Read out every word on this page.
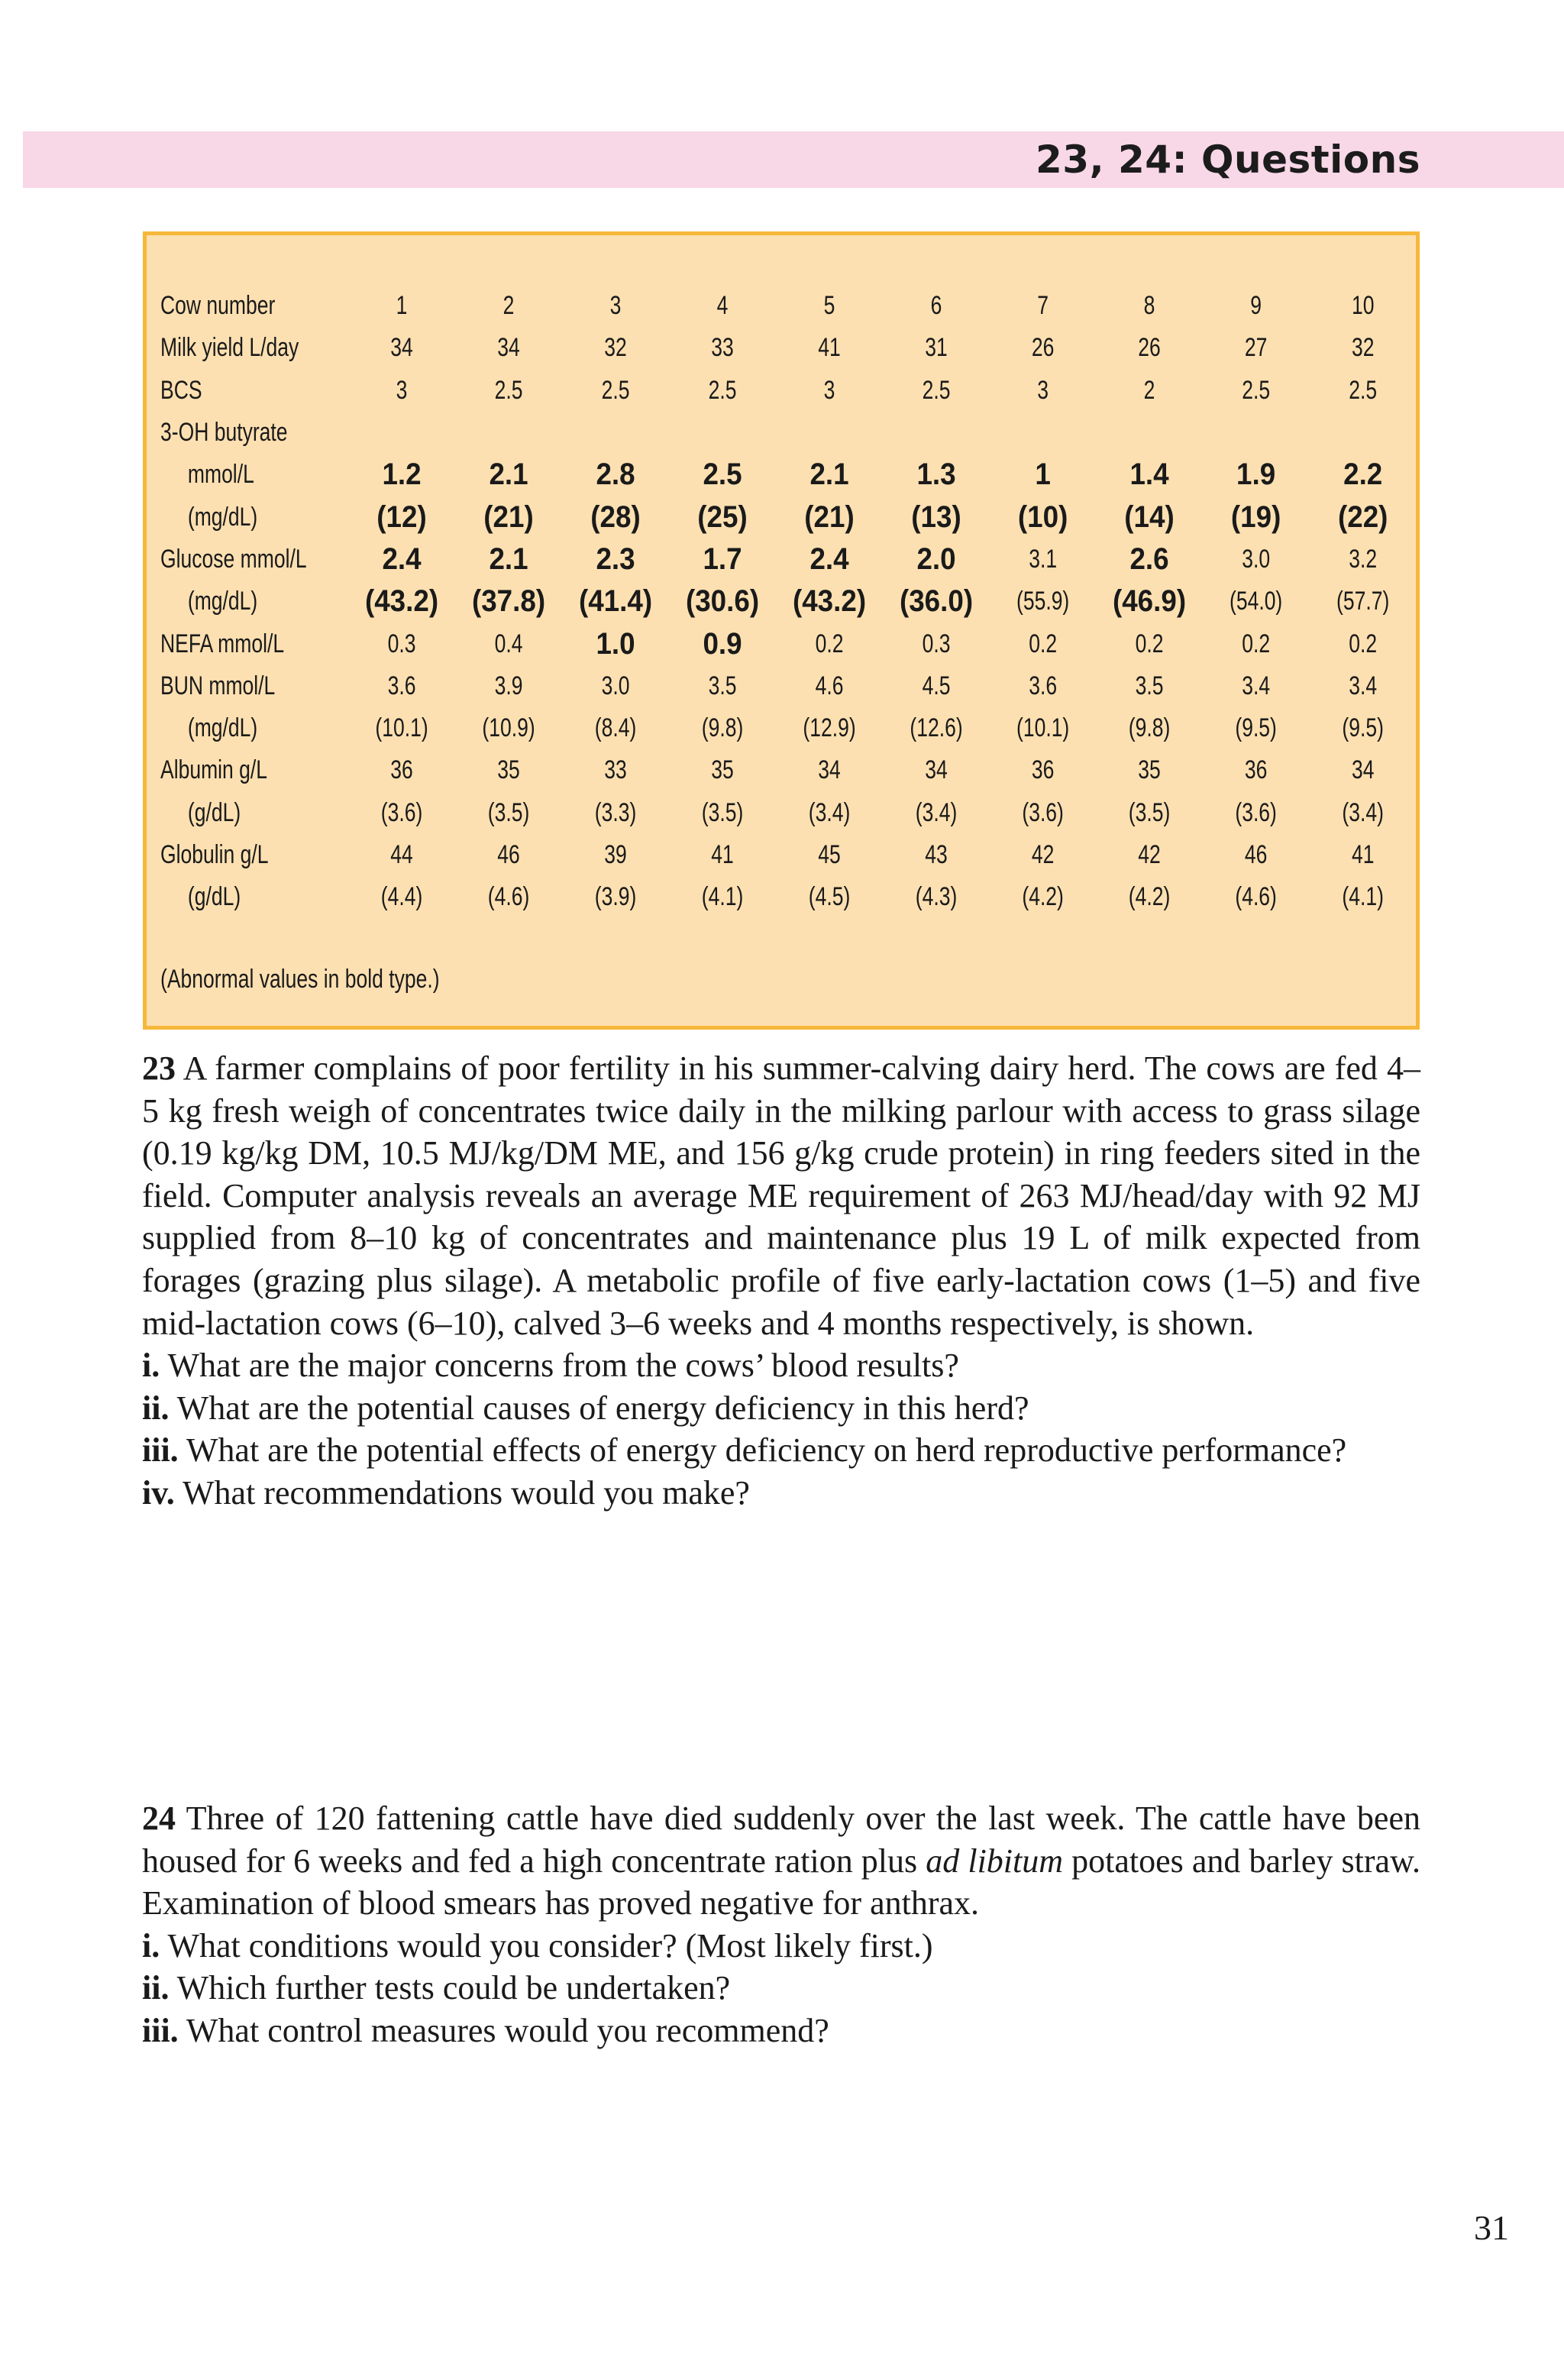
23, 24: Questions
Cow number	1	2	3	4	5	6	7	8	9	10
Milk yield L/day	34	34	32	33	41	31	26	26	27	32
BCS	3	2.5	2.5	2.5	3	2.5	3	2	2.5	2.5
3-OH butyrate										
mmol/L	1.2	2.1	2.8	2.5	2.1	1.3	1	1.4	1.9	2.2
(mg/dL)	(12)	(21)	(28)	(25)	(21)	(13)	(10)	(14)	(19)	(22)
Glucose mmol/L	2.4	2.1	2.3	1.7	2.4	2.0	3.1	2.6	3.0	3.2
(mg/dL)	(43.2)	(37.8)	(41.4)	(30.6)	(43.2)	(36.0)	(55.9)	(46.9)	(54.0)	(57.7)
NEFA mmol/L	0.3	0.4	1.0	0.9	0.2	0.3	0.2	0.2	0.2	0.2
BUN mmol/L	3.6	3.9	3.0	3.5	4.6	4.5	3.6	3.5	3.4	3.4
(mg/dL)	(10.1)	(10.9)	(8.4)	(9.8)	(12.9)	(12.6)	(10.1)	(9.8)	(9.5)	(9.5)
Albumin g/L	36	35	33	35	34	34	36	35	36	34
(g/dL)	(3.6)	(3.5)	(3.3)	(3.5)	(3.4)	(3.4)	(3.6)	(3.5)	(3.6)	(3.4)
Globulin g/L	44	46	39	41	45	43	42	42	46	41
(g/dL)	(4.4)	(4.6)	(3.9)	(4.1)	(4.5)	(4.3)	(4.2)	(4.2)	(4.6)	(4.1)
(Abnormal values in bold type.)

23 A farmer complains of poor fertility in his summer-calving dairy herd. The cows are fed 4–5 kg fresh weigh of concentrates twice daily in the milking parlour with access to grass silage (0.19 kg/kg DM, 10.5 MJ/kg/DM ME, and 156 g/kg crude protein) in ring feeders sited in the field. Computer analysis reveals an average ME requirement of 263 MJ/head/day with 92 MJ supplied from 8–10 kg of concentrates and maintenance plus 19 L of milk expected from forages (grazing plus silage). A metabolic profile of five early-lactation cows (1–5) and five mid-lactation cows (6–10), calved 3–6 weeks and 4 months respectively, is shown.

i. What are the major concerns from the cows’ blood results?

ii. What are the potential causes of energy deficiency in this herd?

iii. What are the potential effects of energy deficiency on herd reproductive performance?

iv. What recommendations would you make?

24 Three of 120 fattening cattle have died suddenly over the last week. The cattle have been housed for 6 weeks and fed a high concentrate ration plus ad libitum potatoes and barley straw. Examination of blood smears has proved negative for anthrax.

i. What conditions would you consider? (Most likely first.)

ii. Which further tests could be undertaken?

iii. What control measures would you recommend?

31
